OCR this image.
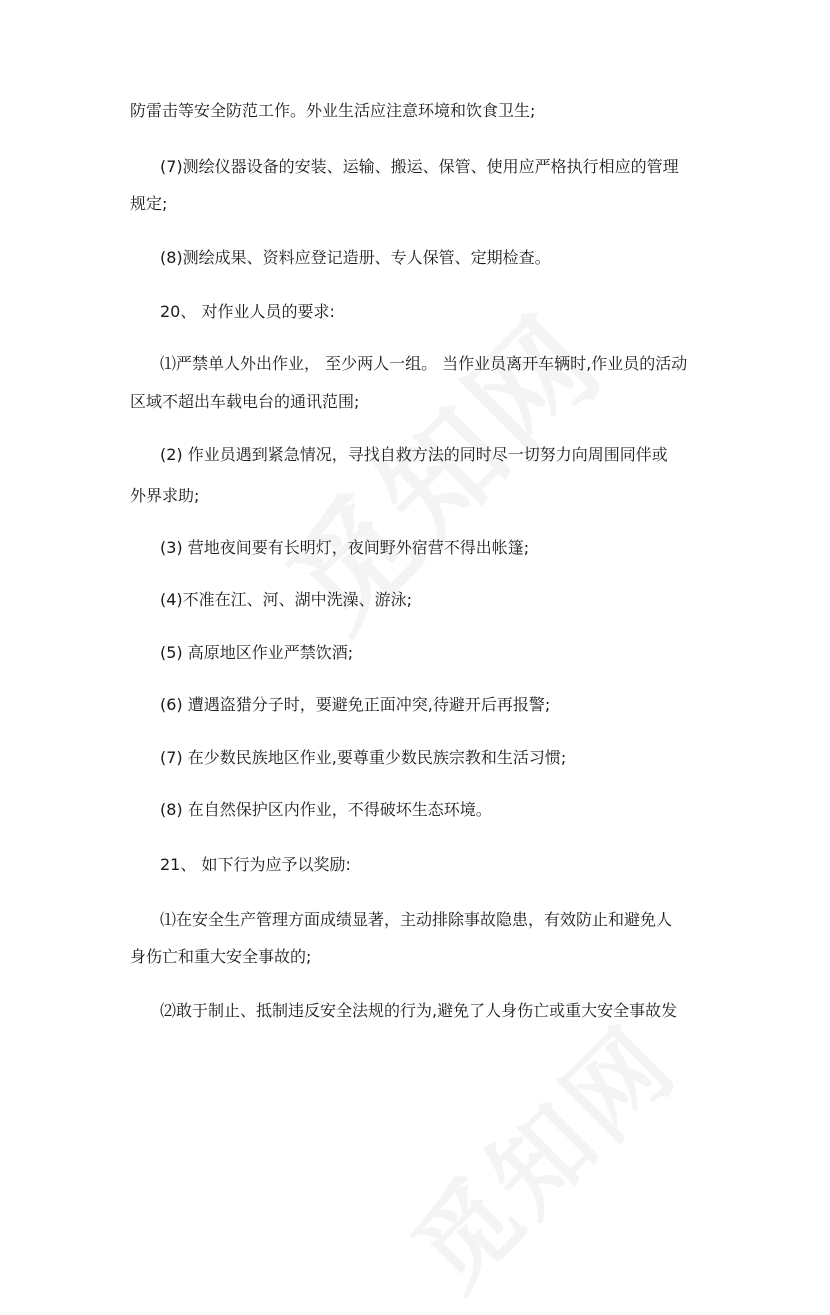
防雷击等安全防范工作。外业生活应注意环境和饮食卫生;
(7)测绘仪器设备的安装、运输、搬运、保管、使用应严格执行相应的管理
规定;
(8)测绘成果、资料应登记造册、专人保管、定期检查。
20、 对作业人员的要求:
⑴严禁单人外出作业， 至少两人一组。 当作业员离开车辆时,作业员的活动
区域不超出车载电台的通讯范围;
(2) 作业员遇到紧急情况，寻找自救方法的同时尽一切努力向周围同伴或
外界求助;
(3) 营地夜间要有长明灯，夜间野外宿营不得出帐篷;
(4)不准在江、河、湖中洗澡、游泳;
(5) 高原地区作业严禁饮酒;
(6) 遭遇盗猎分子时，要避免正面冲突,待避开后再报警;
(7) 在少数民族地区作业,要尊重少数民族宗教和生活习惯;
(8) 在自然保护区内作业，不得破坏生态环境。
21、 如下行为应予以奖励:
⑴在安全生产管理方面成绩显著，主动排除事故隐患，有效防止和避免人
身伤亡和重大安全事故的;
⑵敢于制止、抵制违反安全法规的行为,避免了人身伤亡或重大安全事故发
